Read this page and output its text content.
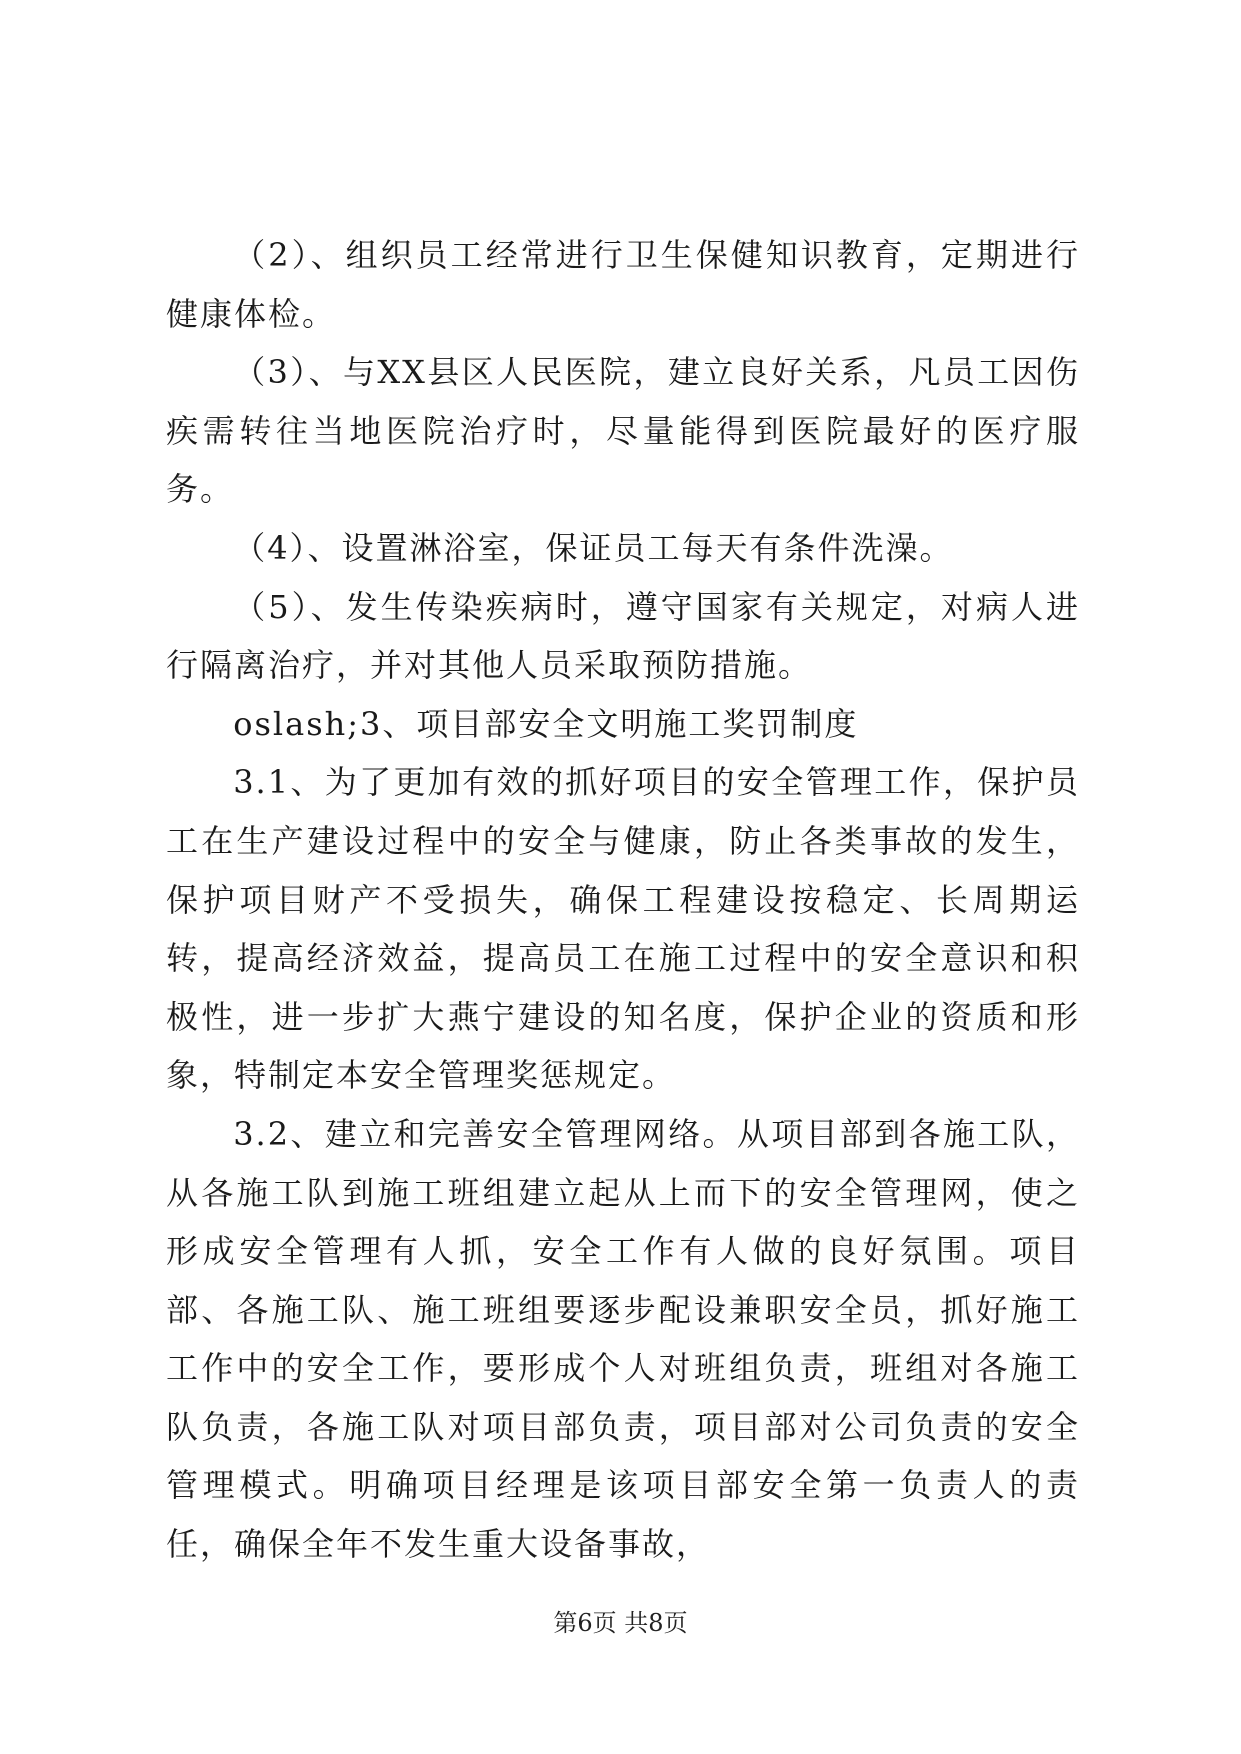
（2）、组织员工经常进行卫生保健知识教育，定期进行健康体检。

（3）、与XX县区人民医院，建立良好关系，凡员工因伤疾需转往当地医院治疗时，尽量能得到医院最好的医疗服务。

（4）、设置淋浴室，保证员工每天有条件洗澡。

（5）、发生传染疾病时，遵守国家有关规定，对病人进行隔离治疗，并对其他人员采取预防措施。

oslash;3、项目部安全文明施工奖罚制度

3.1、为了更加有效的抓好项目的安全管理工作，保护员工在生产建设过程中的安全与健康，防止各类事故的发生，保护项目财产不受损失，确保工程建设按稳定、长周期运转，提高经济效益，提高员工在施工过程中的安全意识和积极性，进一步扩大燕宁建设的知名度，保护企业的资质和形象，特制定本安全管理奖惩规定。

3.2、建立和完善安全管理网络。从项目部到各施工队，从各施工队到施工班组建立起从上而下的安全管理网，使之形成安全管理有人抓，安全工作有人做的良好氛围。项目部、各施工队、施工班组要逐步配设兼职安全员，抓好施工工作中的安全工作，要形成个人对班组负责，班组对各施工队负责，各施工队对项目部负责，项目部对公司负责的安全管理模式。明确项目经理是该项目部安全第一负责人的责任，确保全年不发生重大设备事故，

第6页 共8页
